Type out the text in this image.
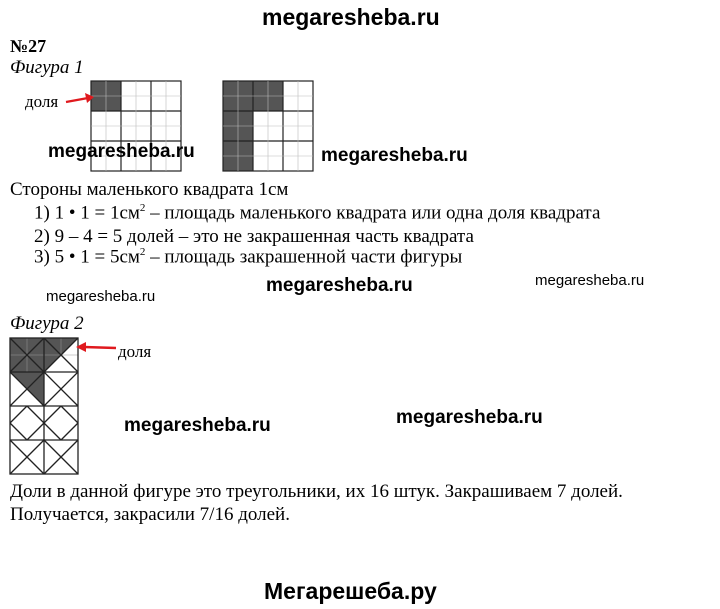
megaresheba.ru
№27
Фигура 1
доля
megaresheba.ru	megaresheba.ru
Стороны маленького квадрата 1см
1) 1 • $1 = 1см^2$ – площадь маленького квадрата или одна доля квадрата
2) 9 – 4 = 5 долей – это не закрашенная часть квадрата
3) 5 • $1 = 5см^2$ – площадь закрашенной части фигуры
megaresheba.ru
megaresheba.ru	megaresheba.ru
Фигура 2
доля
megaresheba.ru	megaresheba.ru
Доли в данной фигуре это треугольники, их 16 штук. Закрашиваем 7 долей.
Получается, закрасили 7/16 долей.
Мегарешеба.ру
